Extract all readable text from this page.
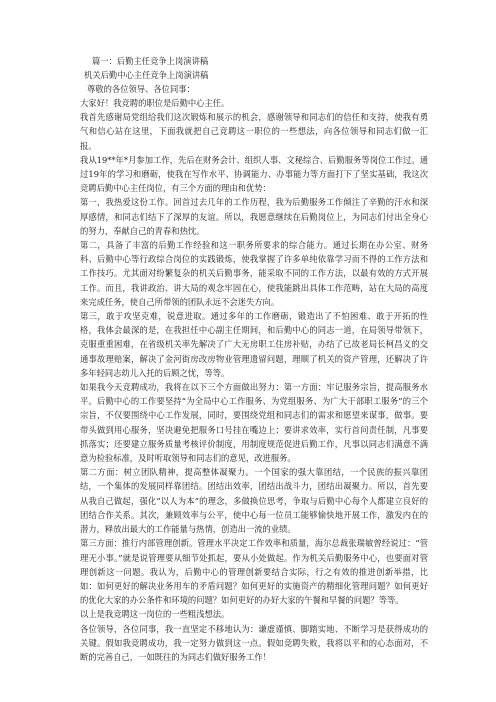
篇一：后勤主任竞争上岗演讲稿
机关后勤中心主任竞争上岗演讲稿
尊敬的各位领导、各位同事：

大家好！我竞聘的职位是后勤中心主任。

我首先感谢局党组给我们这次锻炼和展示的机会，感谢领导和同志们的信任和支持，使我有勇气和信心站在这里，下面我就把自己竞聘这一职位的一些想法，向各位领导和同志们做一汇报。

我从19**年*月参加工作，先后在财务会计、组织人事、文秘综合、后勤服务等岗位工作过。通过19年的学习和磨砺，使我在写作水平、协调能力、办事能力等方面打下了坚实基础，我这次竞聘后勤中心主任岗位，有三个方面的理由和优势：

第一，我热爱这份工作。回首过去几年的工作历程，我为后勤服务工作倾注了辛勤的汗水和深厚感情，和同志们结下了深厚的友谊。所以，我愿意继续在后勤岗位上，为同志们付出全身心的努力，奉献自己的青春和热忱。

第二，具备了丰富的后勤工作经验和这一职务所要求的综合能力。通过长期在办公室、财务科、后勤中心等行政综合岗位的实践锻炼，使我掌握了许多单纯依靠学习而不得的工作方法和工作技巧。尤其面对纷繁复杂的机关后勤事务，能采取不同的工作方法，以最有效的方式开展工作。而且，我讲政治、讲大局的观念牢固在心，使我能跳出具体工作范畴，站在大局的高度来完成任务，使自己所带领的团队永远不会迷失方向。

第三，敢于攻坚克难，锐意进取。通过多年的工作磨砺，锻造出了不怕困难、敢于开拓的性格，我体会最深的是，在我担任中心副主任期间，和后勤中心的同志一道，在局领导带领下，克服重重困难，在省级机关率先解决了广大无房职工住房补贴，办结了已故老局长柯昌义的交通事故理赔案，解决了金河街房改房物业管理遗留问题，理顺了机关的资产管理，还解决了许多年轻同志幼儿入托的后顾之忧，等等。

如果我今天竞聘成功，我将在以下三个方面做出努力：第一方面：牢记服务宗旨，提高服务水平。后勤中心的工作要坚持“为全局中心工作服务、为党组服务、为广大干部职工服务”的三个宗旨，不仅要围绕中心工作发展，同时，要围绕党组和同志们的需求和愿望来谋事，做事。要带头做到用心服务，坚决避免把服务口号挂在嘴边上；要讲求效率，实行首问责任制，凡事要抓落实；还要建立服务质量考核评价制度，用制度规范促进后勤工作，凡事以同志们满意不满意为检验标准，及时听取领导和同志们的意见，改进服务。

第二方面：树立团队精神，提高整体凝聚力。一个国家的强大靠团结，一个民族的振兴靠团结，一个集体的发展同样靠团结。团结出效率，团结出战斗力，团结出凝聚力。所以，首先要从我自己做起，强化“以人为本”的理念，多做换位思考，争取与后勤中心每个人都建立良好的团结合作关系。其次，兼顾效率与公平，使中心每一位员工能够愉快地开展工作，激发内在的潜力，释放出最大的工作能量与热情，创造出一流的业绩。

第三方面：推行内部管理创新。管理水平决定工作效率和质量，海尔总裁张瑞敏曾经说过：“管理无小事。”就是说管理要从细节处抓起，要从小处做起。作为机关后勤服务中心，也要面对管理创新这一问题。我认为，后勤中心的管理创新要结合实际，行之有效的推进创新举措，比如：如何更好的解决业务用车的矛盾问题？如何更好的实施资产的精细化管理问题？如何更好的优化大家的办公条件和环境的问题？如何更好的办好大家的午餐和早餐的问题？等等。

以上是我竞聘这一岗位的一些粗浅想法。

各位领导，各位同事，我一直坚定不移地认为：谦虚谨慎、脚踏实地、不断学习是获得成功的关键。假如我竞聘成功，我一定努力做到这一点。假如竞聘失败，我将以平和的心态面对，不断的完善自己，一如既往的为同志们做好服务工作！
